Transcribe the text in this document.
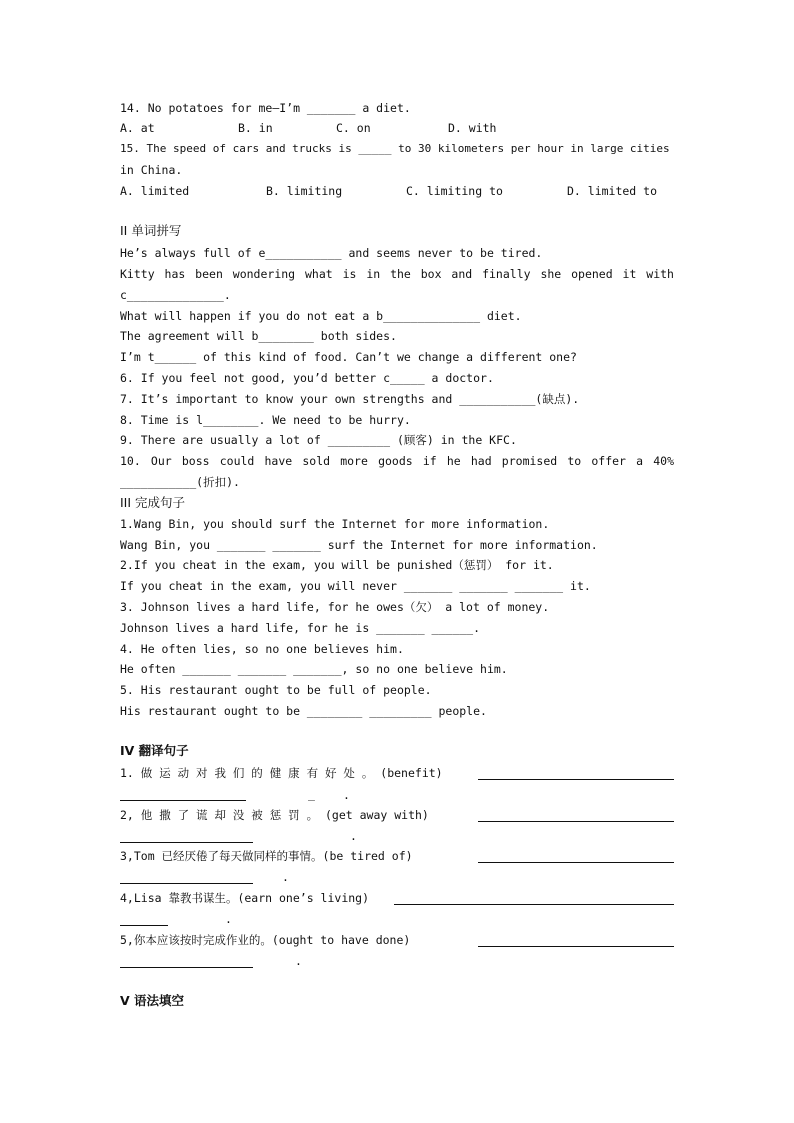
14. No potatoes for me—I’m _______ a diet.
A. at	B. in	C. on	D. with
15. The speed of cars and trucks is _____ to 30 kilometers per hour in large cities
in China.
A. limited	B. limiting	C. limiting to	D. limited to
II 单词拼写
He’s always full of e___________ and seems never to be tired.
Kitty has been wondering what is in the box and finally she opened it with
c______________.
What will happen if you do not eat a b______________ diet.
The agreement will b________ both sides.
I’m t______ of this kind of food. Can’t we change a different one?
6. If you feel not good, you’d better c_____ a doctor.
7. It’s important to know your own strengths and ___________(缺点).
8. Time is l________. We need to be hurry.
9. There are usually a lot of _________ (顾客) in the KFC.
10. Our boss could have sold more goods if he had promised to offer a 40%
___________(折扣).
III 完成句子
1.Wang Bin, you should surf the Internet for more information.
Wang Bin, you _______ _______ surf the Internet for more information.
2.If you cheat in the exam, you will be punished（惩罚） for it.
If you cheat in the exam, you will never _______ _______ _______ it.
3. Johnson lives a hard life, for he owes（欠） a lot of money.
Johnson lives a hard life, for he is _______ ______.
4. He often lies, so no one believes him.
He often _______ _______ _______, so no one believe him.
5. His restaurant ought to be full of people.
His restaurant ought to be ________ _________ people.
IV 翻译句子
1. 做 运 动 对 我 们 的 健 康 有 好 处 。 (benefit)
_ .
2, 他 撒 了 谎 却 没 被 惩 罚 。 (get away with)
.
3,Tom 已经厌倦了每天做同样的事情。(be tired of)
.
4,Lisa 靠教书谋生。(earn one’s living)
.
5,你本应该按时完成作业的。(ought to have done)
.
V 语法填空
